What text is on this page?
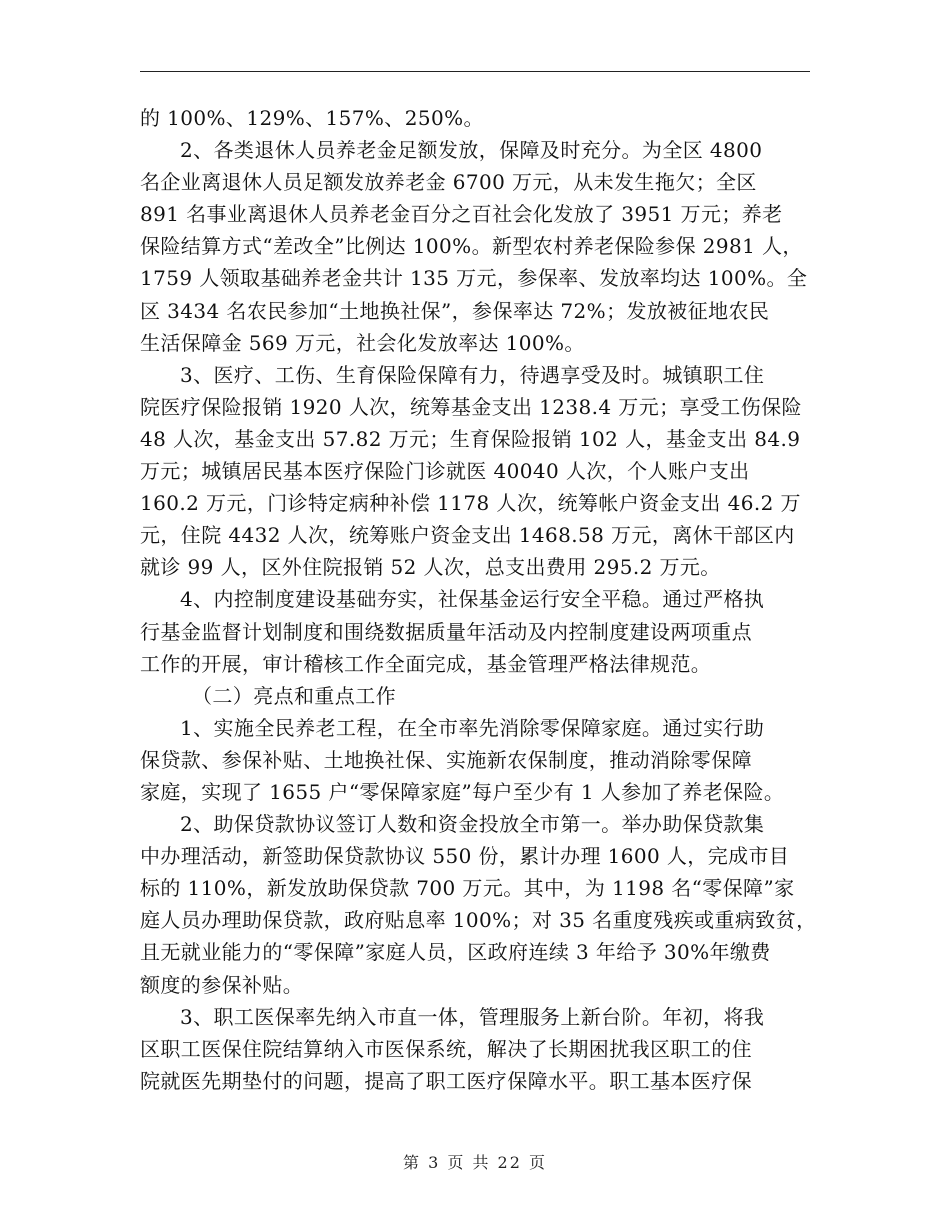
的 100%、129%、157%、250%。
2、各类退休人员养老金足额发放，保障及时充分。为全区 4800
名企业离退休人员足额发放养老金 6700 万元，从未发生拖欠；全区
891 名事业离退休人员养老金百分之百社会化发放了 3951 万元；养老
保险结算方式“差改全”比例达 100%。新型农村养老保险参保 2981 人，
1759 人领取基础养老金共计 135 万元，参保率、发放率均达 100%。全
区 3434 名农民参加“土地换社保”，参保率达 72%；发放被征地农民
生活保障金 569 万元，社会化发放率达 100%。
3、医疗、工伤、生育保险保障有力，待遇享受及时。城镇职工住
院医疗保险报销 1920 人次，统筹基金支出 1238.4 万元；享受工伤保险
48 人次，基金支出 57.82 万元；生育保险报销 102 人，基金支出 84.9
万元；城镇居民基本医疗保险门诊就医 40040 人次，个人账户支出
160.2 万元，门诊特定病种补偿 1178 人次，统筹帐户资金支出 46.2 万
元，住院 4432 人次，统筹账户资金支出 1468.58 万元，离休干部区内
就诊 99 人，区外住院报销 52 人次，总支出费用 295.2 万元。
4、内控制度建设基础夯实，社保基金运行安全平稳。通过严格执
行基金监督计划制度和围绕数据质量年活动及内控制度建设两项重点
工作的开展，审计稽核工作全面完成，基金管理严格法律规范。
（二）亮点和重点工作
1、实施全民养老工程，在全市率先消除零保障家庭。通过实行助
保贷款、参保补贴、土地换社保、实施新农保制度，推动消除零保障
家庭，实现了 1655 户“零保障家庭”每户至少有 1 人参加了养老保险。
2、助保贷款协议签订人数和资金投放全市第一。举办助保贷款集
中办理活动，新签助保贷款协议 550 份，累计办理 1600 人，完成市目
标的 110%，新发放助保贷款 700 万元。其中，为 1198 名“零保障”家
庭人员办理助保贷款，政府贴息率 100%；对 35 名重度残疾或重病致贫，
且无就业能力的“零保障”家庭人员，区政府连续 3 年给予 30%年缴费
额度的参保补贴。
3、职工医保率先纳入市直一体，管理服务上新台阶。年初，将我
区职工医保住院结算纳入市医保系统，解决了长期困扰我区职工的住
院就医先期垫付的问题，提高了职工医疗保障水平。职工基本医疗保
第 3 页 共 22 页
